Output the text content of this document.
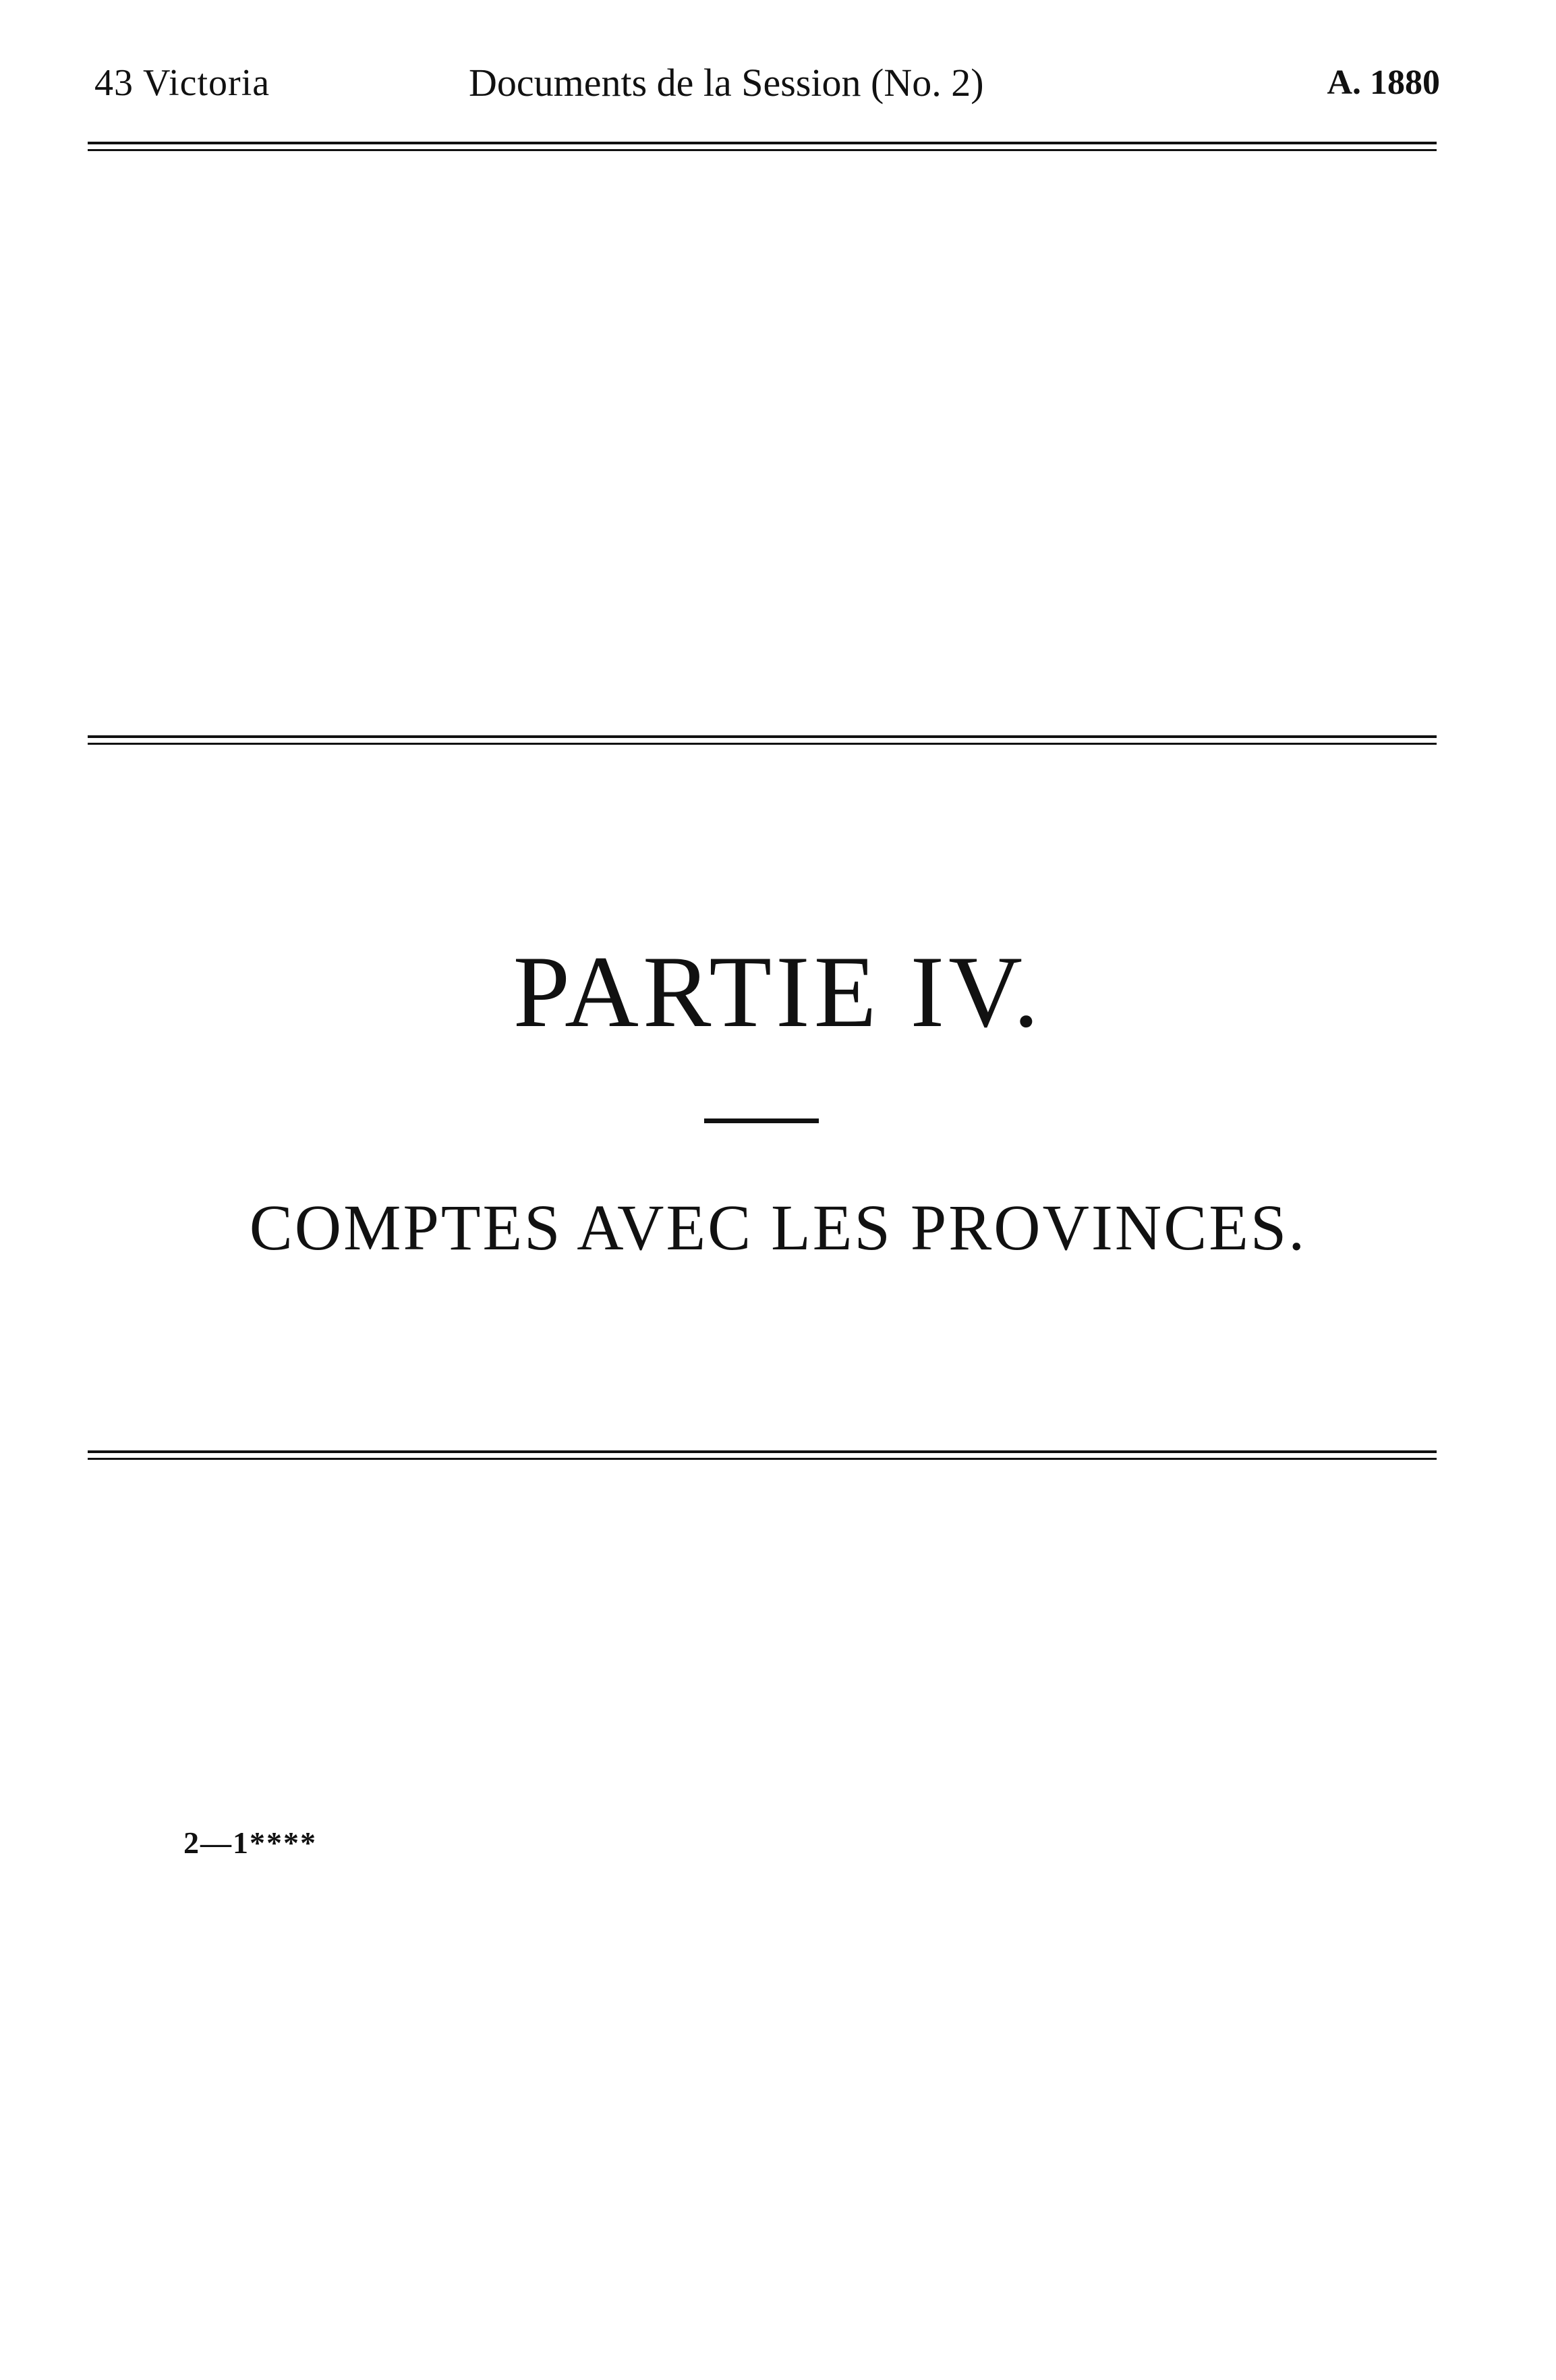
43 Victoria	Documents de la Session (No. 2)	A. 1880
PARTIE IV.
COMPTES AVEC LES PROVINCES.
2—1****
